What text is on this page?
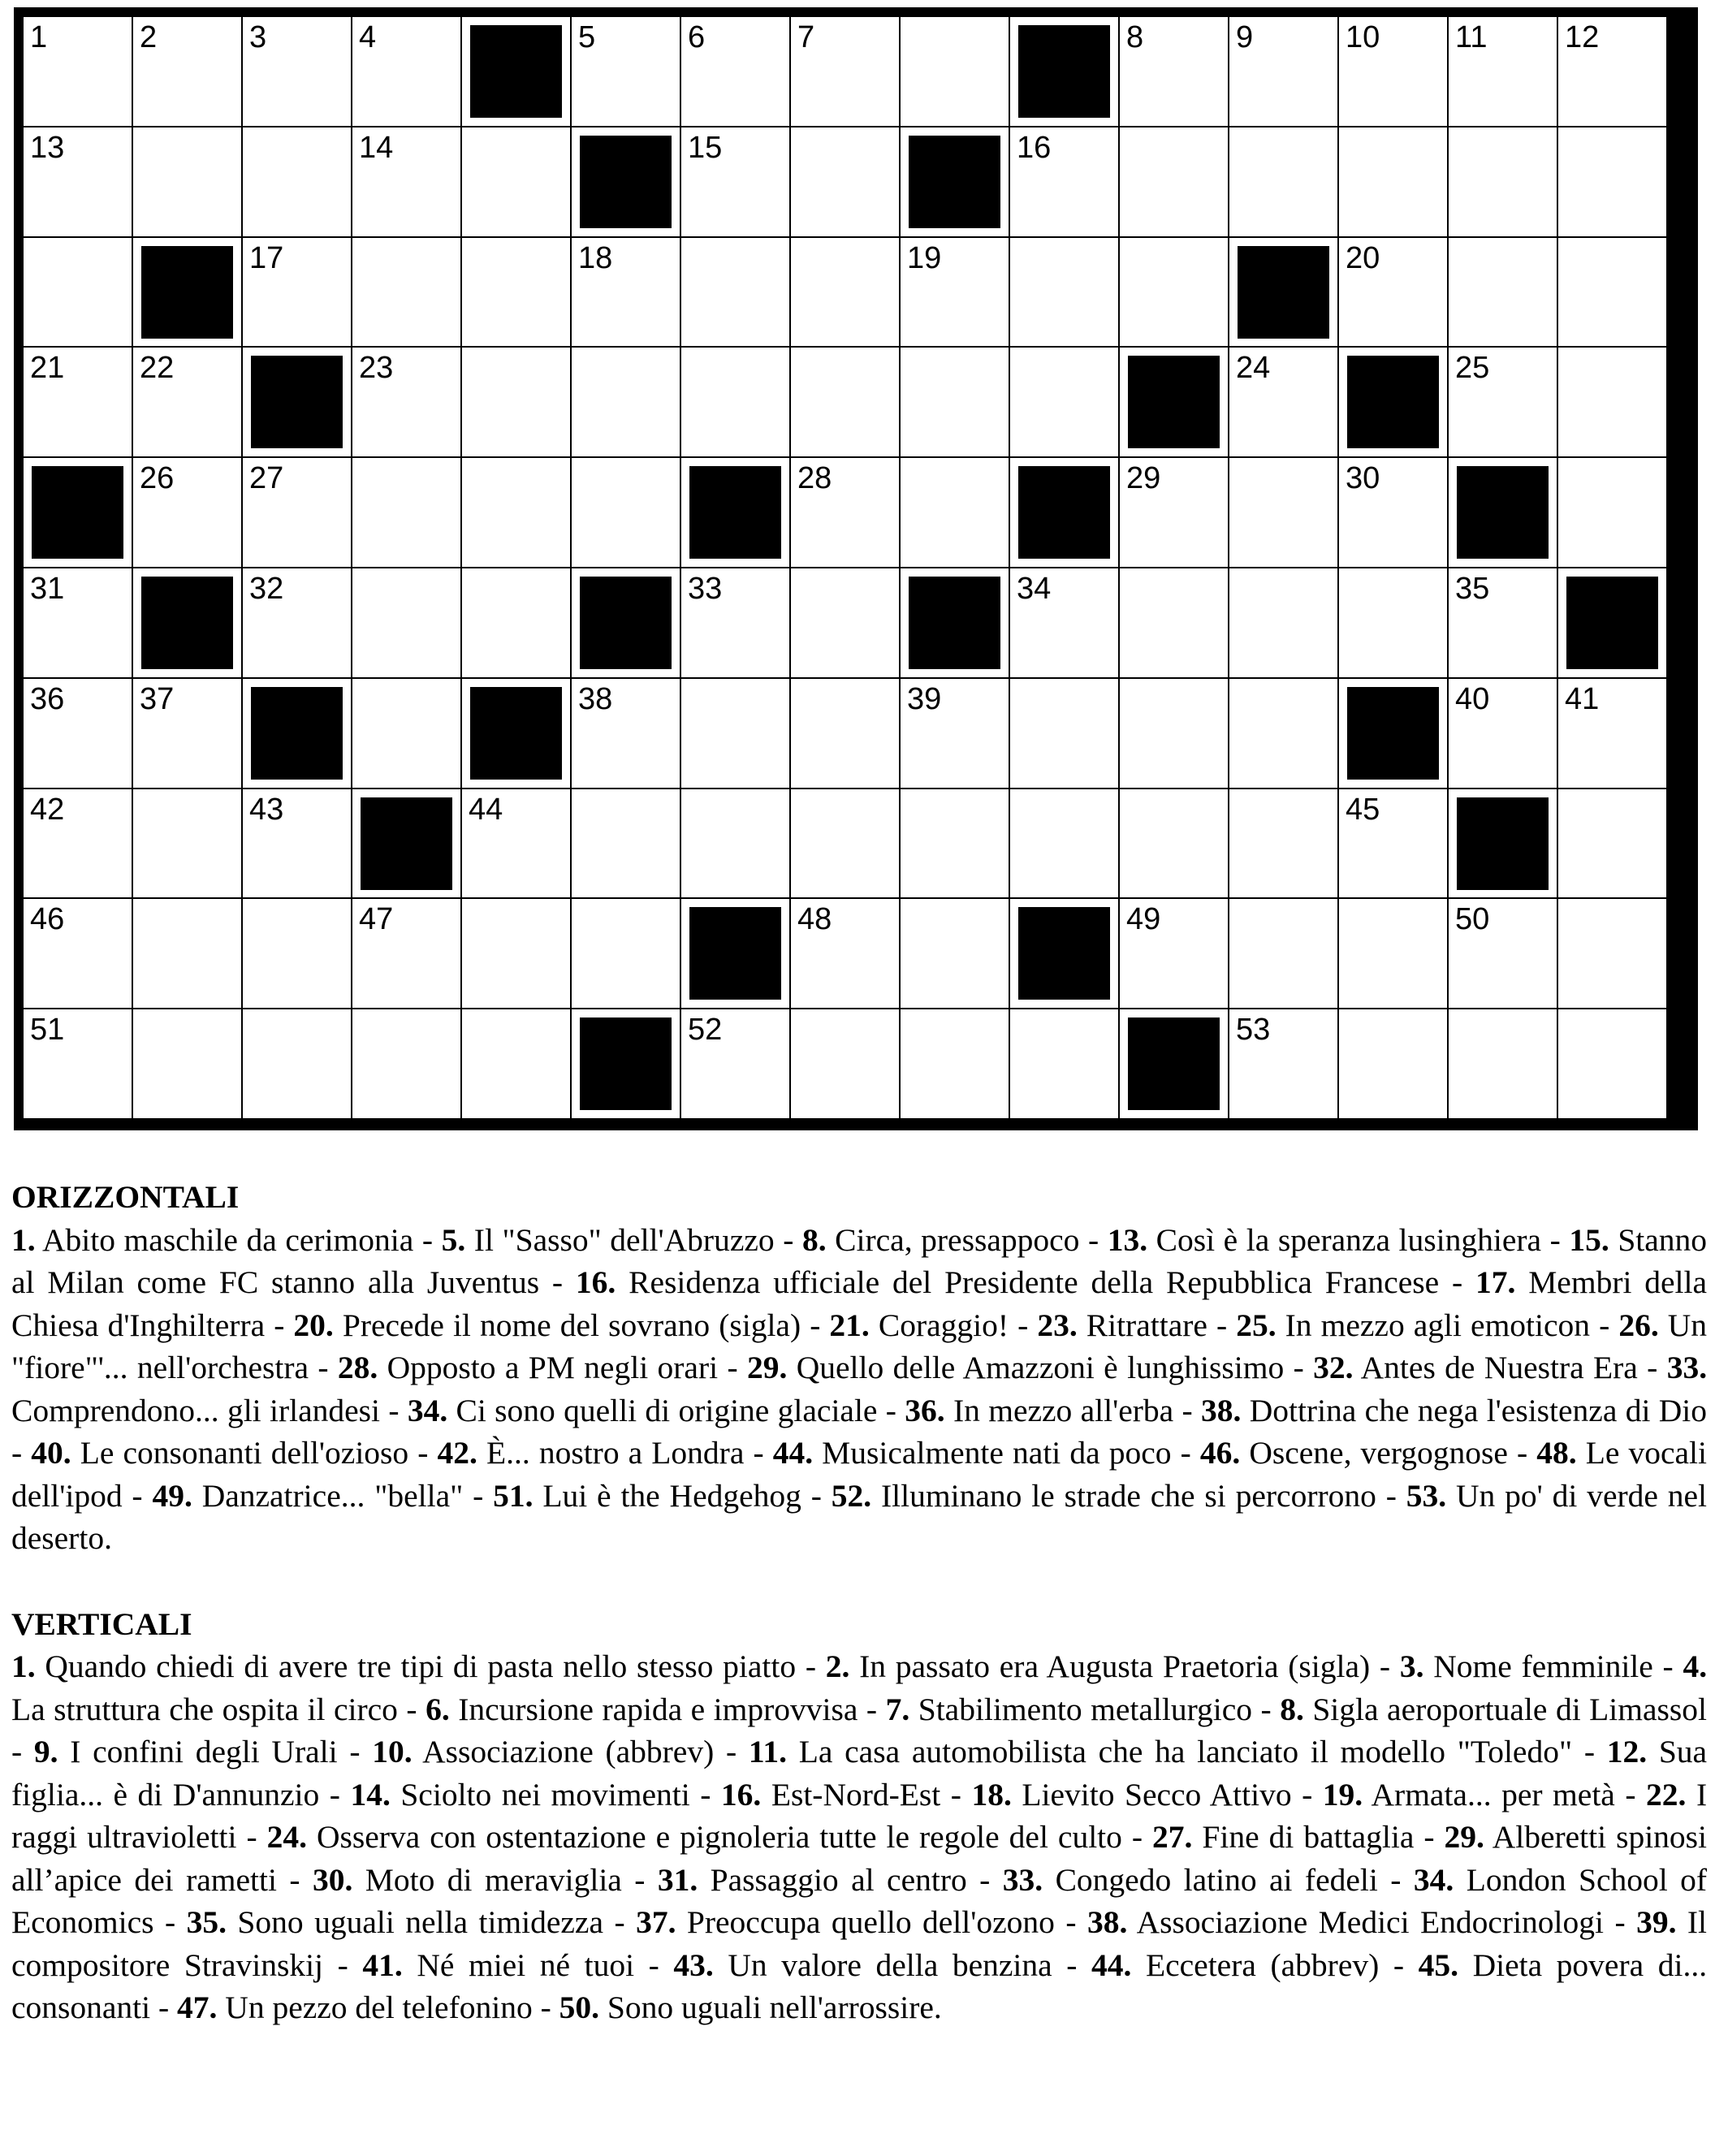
1	2	3	4	5	6	7	8	9	10 11	12
13	14	15	16
17	18	19	20
21 22	23	24	25
26 27	28	29	30
31	32	33	34	35
36 37	38	39	40 41
42	43	44	45
46	47	48	49	50
51	52	53
ORIZZONTALI
1. Abito maschile da cerimonia - 5. Il "Sasso" dell'Abruzzo - 8. Circa, pressappoco - 13. Così è la speranza lusinghiera - 15. Stanno al Milan come FC stanno alla Juventus - 16. Residenza ufficiale del Presidente della Repubblica Francese - 17. Membri della Chiesa d'Inghilterra - 20. Precede il nome del sovrano (sigla) - 21. Coraggio! - 23. Ritrattare - 25. In mezzo agli emoticon - 26. Un "fiore"'... nell'orchestra - 28. Opposto a PM negli orari - 29. Quello delle Amazzoni è lunghissimo - 32. Antes de Nuestra Era - 33. Comprendono... gli irlandesi - 34. Ci sono quelli di origine glaciale - 36. In mezzo all'erba - 38. Dottrina che nega l'esistenza di Dio - 40. Le consonanti dell'ozioso - 42. È... nostro a Londra - 44. Musicalmente nati da poco - 46. Oscene, vergognose - 48. Le vocali dell'ipod - 49. Danzatrice... "bella" - 51. Lui è the Hedgehog - 52. Illuminano le strade che si percorrono - 53. Un po' di verde nel deserto.
VERTICALI
1. Quando chiedi di avere tre tipi di pasta nello stesso piatto - 2. In passato era Augusta Praetoria (sigla) - 3. Nome femminile - 4. La struttura che ospita il circo - 6. Incursione rapida e improvvisa - 7. Stabilimento metallurgico - 8. Sigla aeroportuale di Limassol - 9. I confini degli Urali - 10. Associazione (abbrev) - 11. La casa automobilista che ha lanciato il modello "Toledo" - 12. Sua figlia... è di D'annunzio - 14. Sciolto nei movimenti - 16. Est-Nord-Est - 18. Lievito Secco Attivo - 19. Armata... per metà - 22. I raggi ultravioletti - 24. Osserva con ostentazione e pignoleria tutte le regole del culto - 27. Fine di battaglia - 29. Alberetti spinosi all’apice dei rametti - 30. Moto di meraviglia - 31. Passaggio al centro - 33. Congedo latino ai fedeli - 34. London School of Economics - 35. Sono uguali nella timidezza - 37. Preoccupa quello dell'ozono - 38. Associazione Medici Endocrinologi - 39. Il compositore Stravinskij - 41. Né miei né tuoi - 43. Un valore della benzina - 44. Eccetera (abbrev) - 45. Dieta povera di... consonanti - 47. Un pezzo del telefonino - 50. Sono uguali nell'arrossire.
